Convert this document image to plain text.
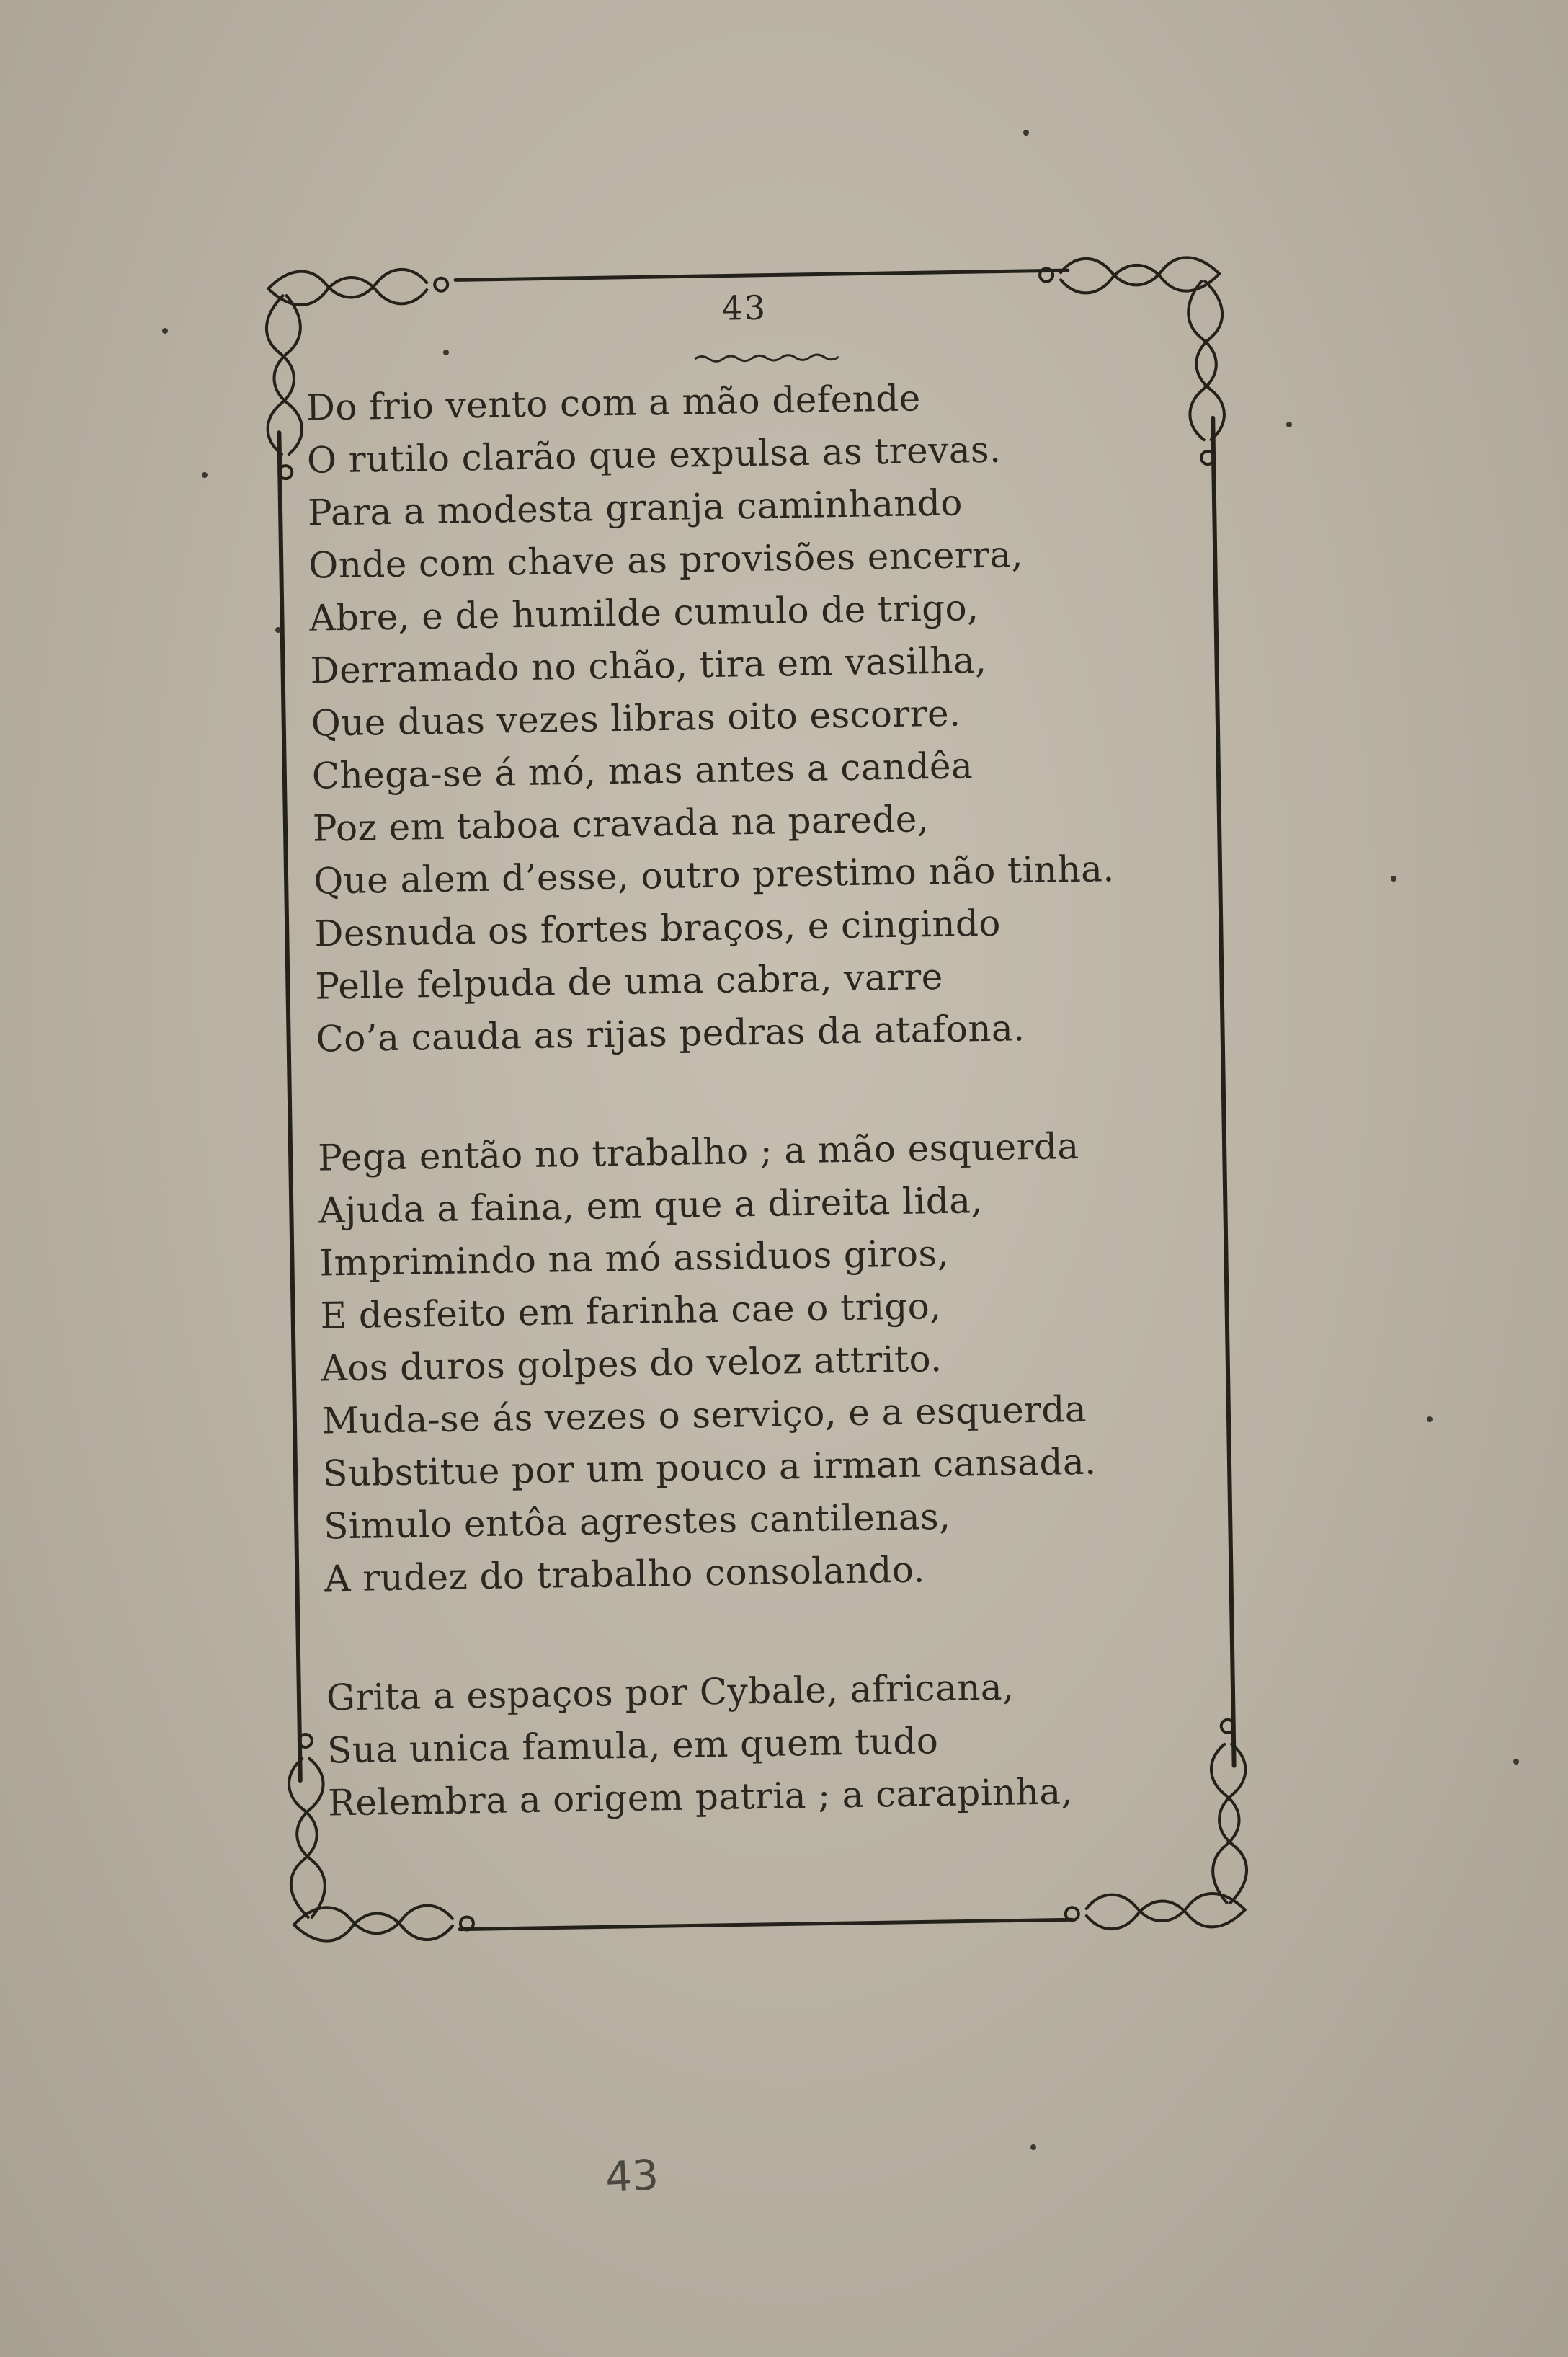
43
Do frio vento com a mão defende
O rutilo clarão que expulsa as trevas.
Para a modesta granja caminhando
Onde com chave as provisões encerra,
Abre, e de humilde cumulo de trigo,
Derramado no chão, tira em vasilha,
Que duas vezes libras oito escorre.
Chega-se á mó, mas antes a candêa
Poz em taboa cravada na parede,
Que alem d’esse, outro prestimo não tinha.
Desnuda os fortes braços, e cingindo
Pelle felpuda de uma cabra, varre
Co’a cauda as rijas pedras da atafona.
Pega então no trabalho ; a mão esquerda
Ajuda a faina, em que a direita lida,
Imprimindo na mó assiduos giros,
E desfeito em farinha cae o trigo,
Aos duros golpes do veloz attrito.
Muda-se ás vezes o serviço, e a esquerda
Substitue por um pouco a irman cansada.
Simulo entôa agrestes cantilenas,
A rudez do trabalho consolando.
Grita a espaços por Cybale, africana,
Sua unica famula, em quem tudo
Relembra a origem patria ; a carapinha,
43
